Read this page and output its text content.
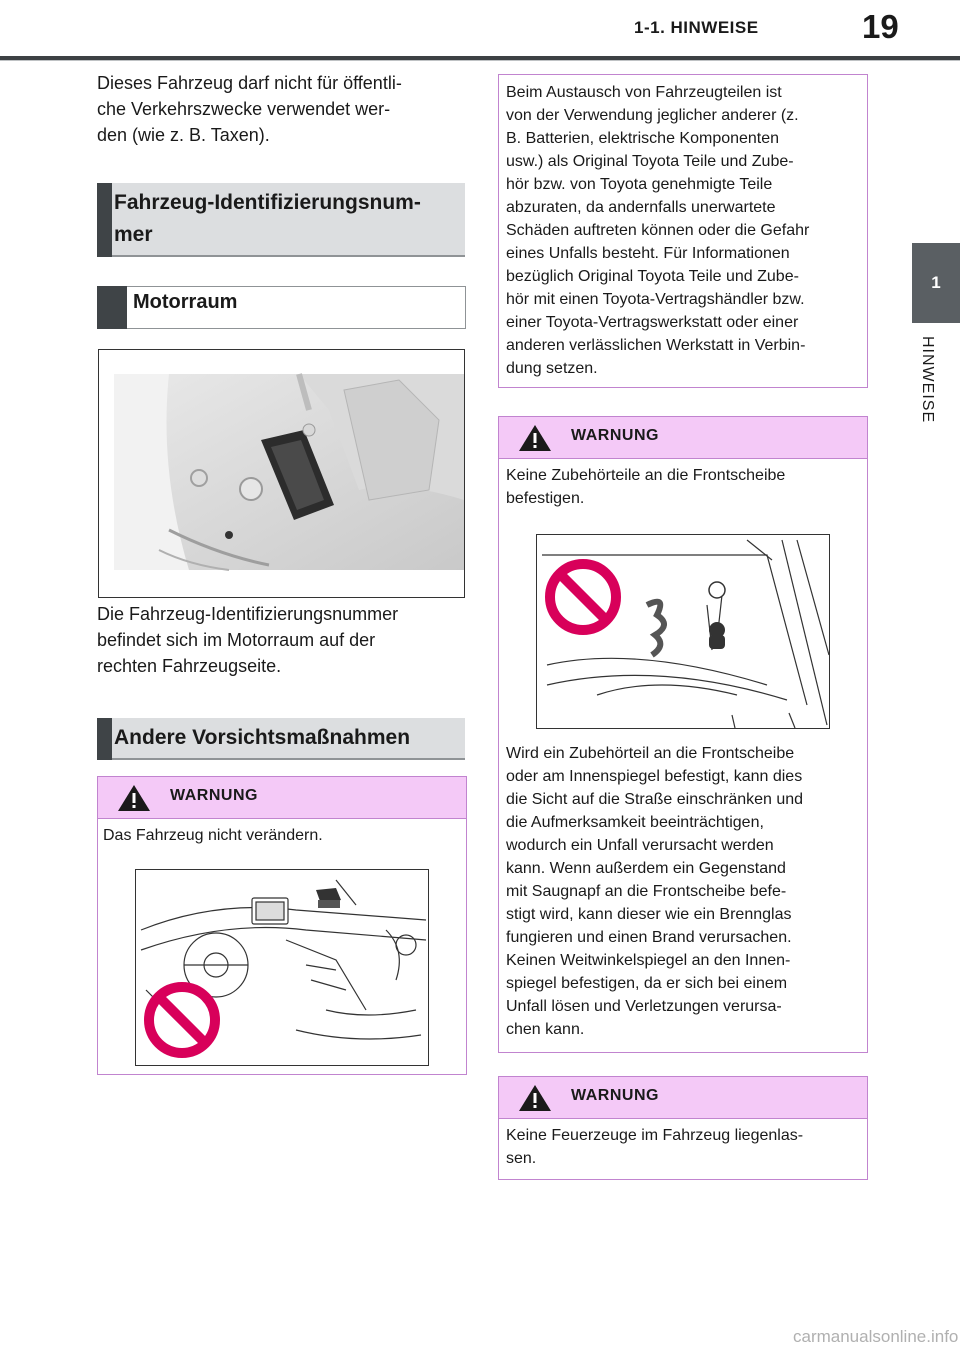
1-1. HINWEISE	19
1
HINWEISE
Dieses Fahrzeug darf nicht für öffentli-
che Verkehrszwecke verwendet wer-
den (wie z. B. Taxen).
Fahrzeug-Identifizierungsnum-
mer
Motorraum
Die Fahrzeug-Identifizierungsnummer
befindet sich im Motorraum auf der
rechten Fahrzeugseite.
Andere Vorsichtsmaßnahmen
WARNUNG
Das Fahrzeug nicht verändern.
Beim Austausch von Fahrzeugteilen ist
von der Verwendung jeglicher anderer (z.
B. Batterien, elektrische Komponenten
usw.) als Original Toyota Teile und Zube-
hör bzw. von Toyota genehmigte Teile
abzuraten, da andernfalls unerwartete
Schäden auftreten können oder die Gefahr
eines Unfalls besteht. Für Informationen
bezüglich Original Toyota Teile und Zube-
hör mit einen Toyota-Vertragshändler bzw.
einer Toyota-Vertragswerkstatt oder einer
anderen verlässlichen Werkstatt in Verbin-
dung setzen.
WARNUNG
Keine Zubehörteile an die Frontscheibe
befestigen.
Wird ein Zubehörteil an die Frontscheibe
oder am Innenspiegel befestigt, kann dies
die Sicht auf die Straße einschränken und
die Aufmerksamkeit beeinträchtigen,
wodurch ein Unfall verursacht werden
kann. Wenn außerdem ein Gegenstand
mit Saugnapf an die Frontscheibe befe-
stigt wird, kann dieser wie ein Brennglas
fungieren und einen Brand verursachen.
Keinen Weitwinkelspiegel an den Innen-
spiegel befestigen, da er sich bei einem
Unfall lösen und Verletzungen verursa-
chen kann.
WARNUNG
Keine Feuerzeuge im Fahrzeug liegenlas-
sen.
carmanualsonline.info
